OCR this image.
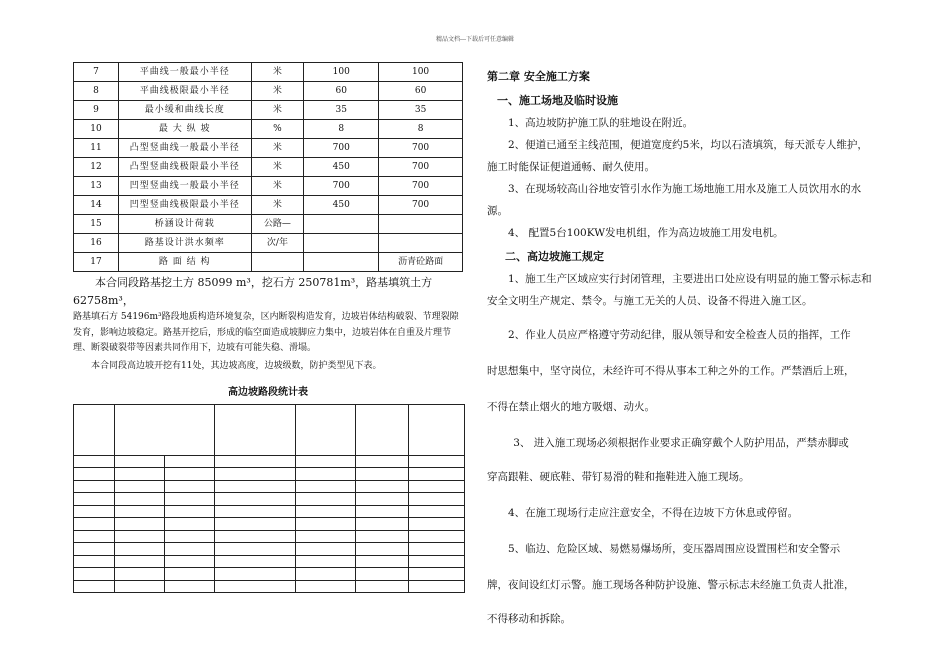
精品文档---下载后可任意编辑
7	平曲线一般最小半径	米	100	100
8	平曲线极限最小半径	米	60	60
9	最小缓和曲线长度	米	35	35
10	最 大 纵 坡	%	8	8
11	凸型竖曲线一般最小半径	米	700	700
12	凸型竖曲线极限最小半径	米	450	700
13	凹型竖曲线一般最小半径	米	700	700
14	凹型竖曲线极限最小半径	米	450	700
15	桥涵设计荷载	公路—		
16	路基设计洪水频率	次/年		
17	路 面 结 构			沥青砼路面

本合同段路基挖土方 85099 m³，挖石方 250781m³，路基填筑土方 62758m³，

路基填石方 54196m³路段地质构造环境复杂，区内断裂构造发育，边坡岩体结构破裂、节理裂隙发育，影响边坡稳定。路基开挖后，形成的临空面造成坡脚应力集中，边坡岩体在自重及片理节理、断裂破裂带等因素共同作用下，边坡有可能失稳、滑塌。

本合同段高边坡开挖有11处，其边坡高度，边坡级数，防护类型见下表。

高边坡路段统计表

第二章 安全施工方案

一、施工场地及临时设施

1、高边坡防护施工队的驻地设在附近。

2、便道已通至主线范围，便道宽度约5米，均以石渣填筑，每天派专人维护，施工时能保证便道通畅、耐久使用。

3、在现场较高山谷地安管引水作为施工场地施工用水及施工人员饮用水的水源。

4、 配置5台100KW发电机组，作为高边坡施工用发电机。

二、高边坡施工规定

1、施工生产区域应实行封闭管理，主要进出口处应设有明显的施工警示标志和安全文明生产规定、禁令。与施工无关的人员、设备不得进入施工区。

2、作业人员应严格遵守劳动纪律，服从领导和安全检查人员的指挥，工作

时思想集中，坚守岗位，未经许可不得从事本工种之外的工作。严禁酒后上班，

不得在禁止烟火的地方吸烟、动火。

3、 进入施工现场必须根据作业要求正确穿戴个人防护用品，严禁赤脚或

穿高跟鞋、硬底鞋、带钉易滑的鞋和拖鞋进入施工现场。

4、在施工现场行走应注意安全，不得在边坡下方休息或停留。

5、临边、危险区域、易燃易爆场所，变压器周围应设置围栏和安全警示

牌，夜间设红灯示警。施工现场各种防护设施、警示标志未经施工负责人批准，

不得移动和拆除。
